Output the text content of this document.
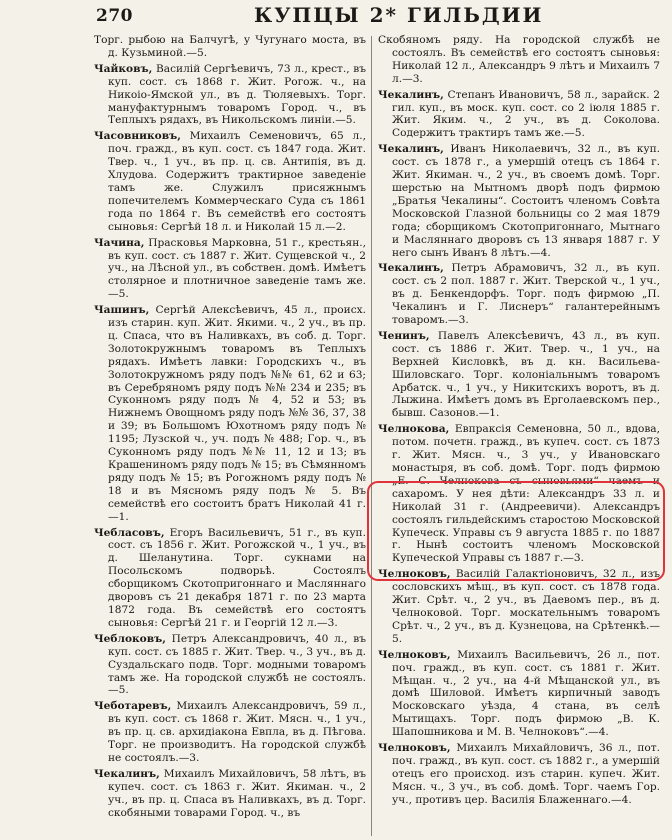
270	КУПЦЫ 2* ГИЛЬДИИ

Торг. рыбою на Балчугѣ, у Чугунаго моста, въ д. Кузьминой.—5.

Чайковъ, Василій Сергѣевичъ, 73 л., крест., въ куп. сост. съ 1868 г. Жит. Рогож. ч., на Никоіо-Ямской ул., въ д. Тюляевыхъ. Торг. мануфактурнымъ товаромъ Город. ч., въ Теплыхъ рядахъ, въ Никольскомъ линіи.—5.

Часовниковъ, Михаилъ Семеновичъ, 65 л., поч. гражд., въ куп. сост. съ 1847 года. Жит. Твер. ч., 1 уч., въ пр. ц. св. Антипія, въ д. Хлудова. Содержитъ трактирное заведеніе тамъ же. Служилъ присяжнымъ попечителемъ Коммерческаго Суда съ 1861 года по 1864 г. Въ семействѣ его состоятъ сыновья: Сергѣй 18 л. и Николай 15 л.—2.

Чачина, Прасковья Марковна, 51 г., крестьян., въ куп. сост. съ 1887 г. Жит. Сущевской ч., 2 уч., на Лѣсной ул., въ собствен. домѣ. Имѣетъ столярное и плотничное заведеніе тамъ же.—5.

Чашинъ, Сергѣй Алексѣевичъ, 45 л., происх. изъ старин. куп. Жит. Якими. ч., 2 уч., въ пр. ц. Спаса, что въ Наливкахъ, въ соб. д. Торг. Золотокружнымъ товаромъ въ Теплыхъ рядахъ. Имѣетъ лавки: Городскихъ ч., въ Золотокружномъ ряду подъ №№ 61, 62 и 63; въ Серебряномъ ряду подъ №№ 234 и 235; въ Суконномъ ряду подъ № 4, 52 и 53; въ Нижнемъ Овощномъ ряду подъ №№ 36, 37, 38 и 39; въ Большомъ Юхотномъ ряду подъ № 1195; Лузской ч., уч. подъ № 488; Гор. ч., въ Суконномъ ряду подъ №№ 11, 12 и 13; въ Крашениномъ ряду подъ № 15; въ Сѣмянномъ ряду подъ № 15; въ Рогожномъ ряду подъ № 18 и въ Мясномъ ряду подъ № 5. Въ семействѣ его состоитъ братъ Николай 41 г.—1.

Чебласовъ, Егоръ Васильевичъ, 51 г., въ куп. сост. съ 1856 г. Жит. Рогожской ч., 1 уч., въ д. Шеланутина. Торг. сукнами на Посольскомъ подворьѣ. Состоялъ сборщикомъ Скотопригоннаго и Масляннаго дворовъ съ 21 декабря 1871 г. по 23 марта 1872 года. Въ семействѣ его состоятъ сыновья: Сергѣй 21 г. и Георгій 12 л.—3.

Чеблоковъ, Петръ Александровичъ, 40 л., въ куп. сост. съ 1885 г. Жит. Твер. ч., 3 уч., въ д. Суздальскаго подв. Торг. модными товаромъ тамъ же. На городской службѣ не состоялъ.—5.

Чеботаревъ, Михаилъ Александровичъ, 59 л., въ куп. сост. съ 1868 г. Жит. Мясн. ч., 1 уч., въ пр. ц. св. архидіакона Евпла, въ д. Пѣгова. Торг. не производитъ. На городской службѣ не состоялъ.—3.

Чекалинъ, Михаилъ Михайловичъ, 58 лѣтъ, въ купеч. сост. съ 1863 г. Жит. Якиман. ч., 2 уч., въ пр. ц. Спаса въ Наливкахъ, въ д. Торг. скобяными товарами Город. ч., въ

Скобяномъ ряду. На городской службѣ не состоялъ. Въ семействѣ его состоятъ сыновья: Николай 12 л., Александръ 9 лѣтъ и Михаилъ 7 л.—3.

Чекалинъ, Степанъ Ивановичъ, 58 л., зарайск. 2 гил. куп., въ моск. куп. сост. со 2 іюля 1885 г. Жит. Яким. ч., 2 уч., въ д. Соколова. Содержитъ трактиръ тамъ же.—5.

Чекалинъ, Иванъ Николаевичъ, 32 л., въ куп. сост. съ 1878 г., а умершій отецъ съ 1864 г. Жит. Якиман. ч., 2 уч., въ своемъ домѣ. Торг. шерстью на Мытномъ дворѣ подъ фирмою „Братья Чекалины“. Состоитъ членомъ Совѣта Московской Глазной больницы со 2 мая 1879 года; сборщикомъ Скотопригоннаго, Мытнаго и Масляннаго дворовъ съ 13 января 1887 г. У него сынъ Иванъ 8 лѣтъ.—4.

Чекалинъ, Петръ Абрамовичъ, 32 л., въ куп. сост. съ 2 пол. 1887 г. Жит. Тверской ч., 1 уч., въ д. Бенкендорфъ. Торг. подъ фирмою „П. Чекалинъ и Г. Лиснеръ“ галантерейнымъ товаромъ.—3.

Ченинъ, Павелъ Алексѣевичъ, 43 л., въ куп. сост. съ 1886 г. Жит. Твер. ч., 1 уч., на Верхней Кисловкѣ, въ д. кн. Васильева-Шиловскаго. Торг. колоніальнымъ товаромъ Арбатск. ч., 1 уч., у Никитскихъ воротъ, въ д. Лыжина. Имѣетъ домъ въ Ерголаевскомъ пер., бывш. Сазонов.—1.

Челнокова, Евпраксія Семеновна, 50 л., вдова, потом. почетн. гражд., въ купеч. сост. съ 1873 г. Жит. Мясн. ч., 3 уч., у Ивановскаго монастыря, въ соб. домѣ. Торг. подъ фирмою „Е. С. Челнокова съ сыновьями“ чаемъ и сахаромъ. У нея дѣти: Александръ 33 л. и Николай 31 г. (Андреевичи). Александръ состоялъ гильдейскимъ старостою Московской Купеческ. Управы съ 9 августа 1885 г. по 1887 г. Нынѣ состоитъ членомъ Московской Купеческой Управы съ 1887 г.—3.

Челноковъ, Василій Галактіоновичъ, 32 л., изъ сословскихъ мѣщ., въ куп. сост. съ 1878 года. Жит. Срѣт. ч., 2 уч., въ Даевомъ пер., въ д. Челноковой. Торг. москательнымъ товаромъ Срѣт. ч., 2 уч., въ д. Кузнецова, на Срѣтенкѣ.—5.

Челноковъ, Михаилъ Васильевичъ, 26 л., пот. поч. гражд., въ куп. сост. съ 1881 г. Жит. Мѣщан. ч., 2 уч., на 4-й Мѣщанской ул., въ домѣ Шиловой. Имѣетъ кирпичный заводъ Московскаго уѣзда, 4 стана, въ селѣ Мытищахъ. Торг. подъ фирмою „В. К. Шапошникова и М. В. Челноковъ“.—4.

Челноковъ, Михаилъ Михайловичъ, 36 л., пот. поч. гражд., въ куп. сост. съ 1882 г., а умершій отецъ его происход. изъ старин. купеч. Жит. Мясн. ч., 3 уч., въ соб. домѣ. Торг. чаемъ Гор. уч., противъ цер. Василія Блаженнаго.—4.
